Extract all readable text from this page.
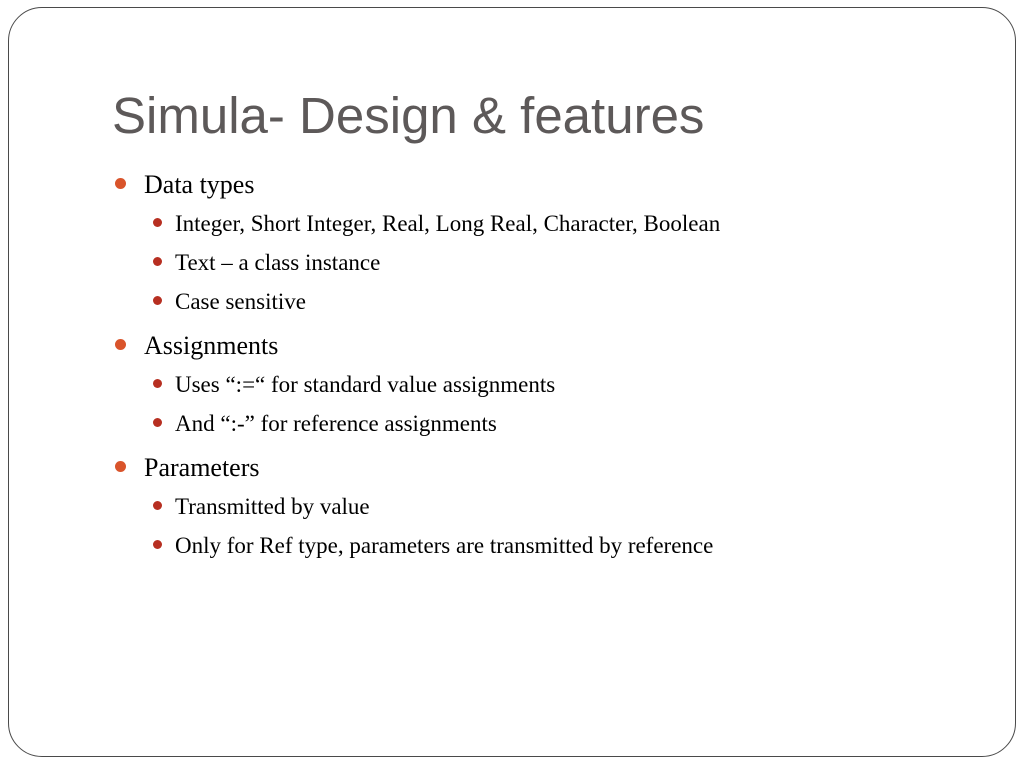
Simula- Design & features
Data types
Integer, Short Integer, Real, Long Real, Character, Boolean
Text – a class instance
Case sensitive
Assignments
Uses “:=“ for standard value assignments
And “:-” for reference assignments
Parameters
Transmitted by value
Only for Ref type, parameters are transmitted by reference
